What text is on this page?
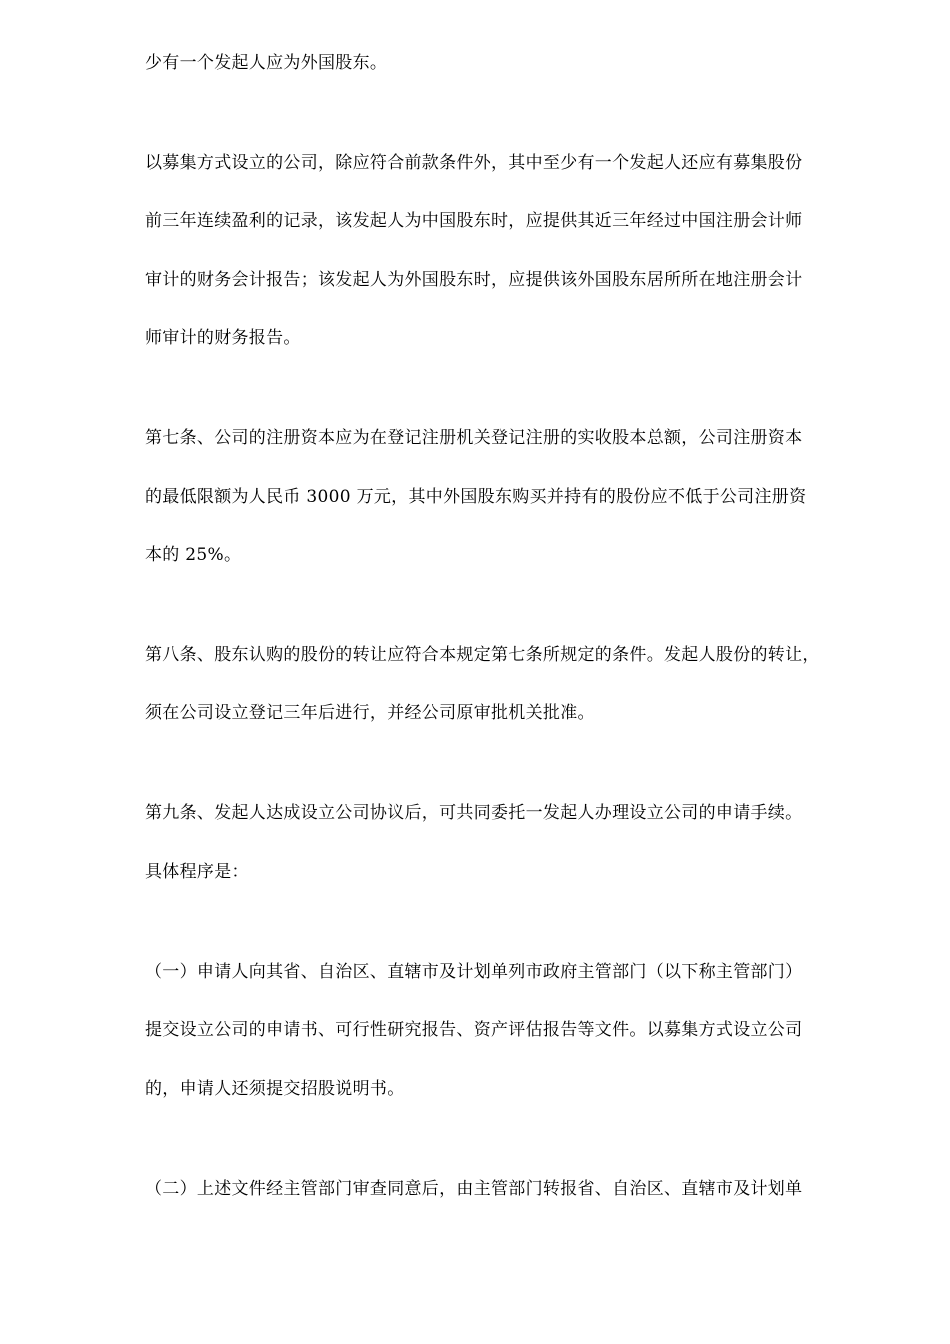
少有一个发起人应为外国股东。
以募集方式设立的公司，除应符合前款条件外，其中至少有一个发起人还应有募集股份
前三年连续盈利的记录，该发起人为中国股东时，应提供其近三年经过中国注册会计师
审计的财务会计报告；该发起人为外国股东时，应提供该外国股东居所所在地注册会计
师审计的财务报告。
第七条、公司的注册资本应为在登记注册机关登记注册的实收股本总额，公司注册资本
的最低限额为人民币 3000 万元，其中外国股东购买并持有的股份应不低于公司注册资
本的 25%。
第八条、股东认购的股份的转让应符合本规定第七条所规定的条件。发起人股份的转让，
须在公司设立登记三年后进行，并经公司原审批机关批准。
第九条、发起人达成设立公司协议后，可共同委托一发起人办理设立公司的申请手续。
具体程序是：
（一）申请人向其省、自治区、直辖市及计划单列市政府主管部门（以下称主管部门）
提交设立公司的申请书、可行性研究报告、资产评估报告等文件。以募集方式设立公司
的，申请人还须提交招股说明书。
（二）上述文件经主管部门审查同意后，由主管部门转报省、自治区、直辖市及计划单
